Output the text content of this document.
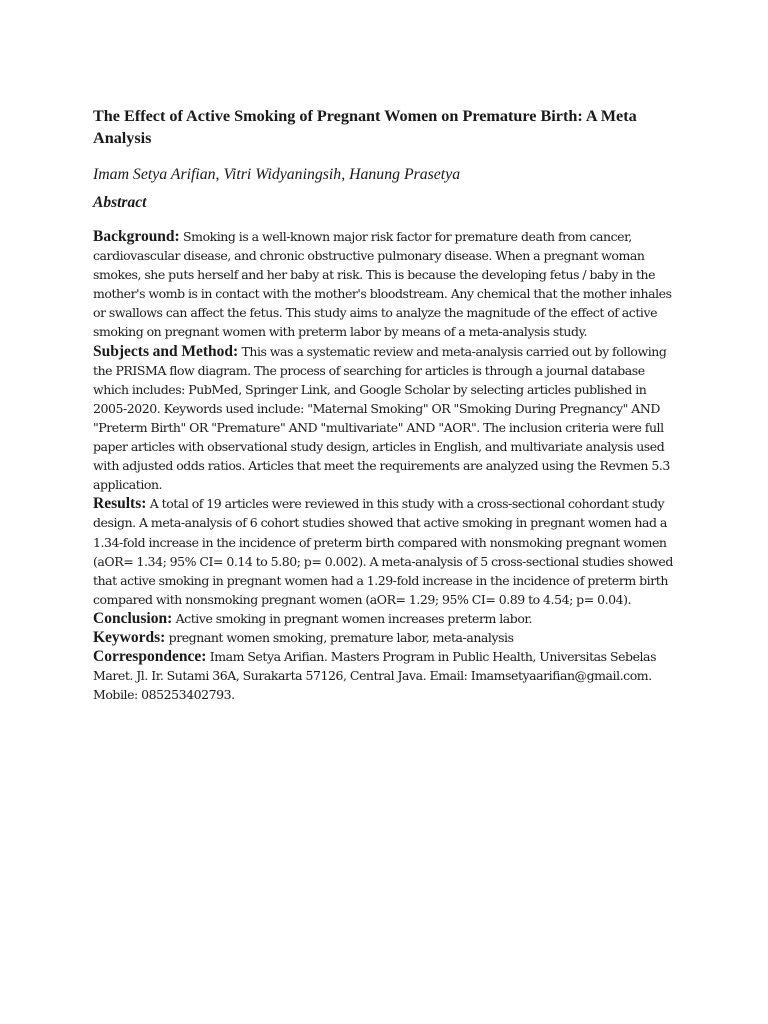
The Effect of Active Smoking of Pregnant Women on Premature Birth: A Meta Analysis

Imam Setya Arifian, Vitri Widyaningsih, Hanung Prasetya

Abstract

Background: Smoking is a well-known major risk factor for premature death from cancer, cardiovascular disease, and chronic obstructive pulmonary disease. When a pregnant woman smokes, she puts herself and her baby at risk. This is because the developing fetus / baby in the mother's womb is in contact with the mother's bloodstream. Any chemical that the mother inhales or swallows can affect the fetus. This study aims to analyze the magnitude of the effect of active smoking on pregnant women with preterm labor by means of a meta-analysis study.

Subjects and Method: This was a systematic review and meta-analysis carried out by following the PRISMA flow diagram. The process of searching for articles is through a journal database which includes: PubMed, Springer Link, and Google Scholar by selecting articles published in 2005-2020. Keywords used include: "Maternal Smoking" OR "Smoking During Pregnancy" AND "Preterm Birth" OR "Premature" AND "multivariate" AND "AOR". The inclusion criteria were full paper articles with observational study design, articles in English, and multivariate analysis used with adjusted odds ratios. Articles that meet the requirements are analyzed using the Revmen 5.3 application.

Results: A total of 19 articles were reviewed in this study with a cross-sectional cohordant study design. A meta-analysis of 6 cohort studies showed that active smoking in pregnant women had a 1.34-fold increase in the incidence of preterm birth compared with nonsmoking pregnant women (aOR= 1.34; 95% CI= 0.14 to 5.80; p= 0.002). A meta-analysis of 5 cross-sectional studies showed that active smoking in pregnant women had a 1.29-fold increase in the incidence of preterm birth compared with nonsmoking pregnant women (aOR= 1.29; 95% CI= 0.89 to 4.54; p= 0.04).

Conclusion: Active smoking in pregnant women increases preterm labor.

Keywords: pregnant women smoking, premature labor, meta-analysis

Correspondence: Imam Setya Arifian. Masters Program in Public Health, Universitas Sebelas Maret. Jl. Ir. Sutami 36A, Surakarta 57126, Central Java. Email: Imamsetyaarifian@gmail.com. Mobile: 085253402793.
